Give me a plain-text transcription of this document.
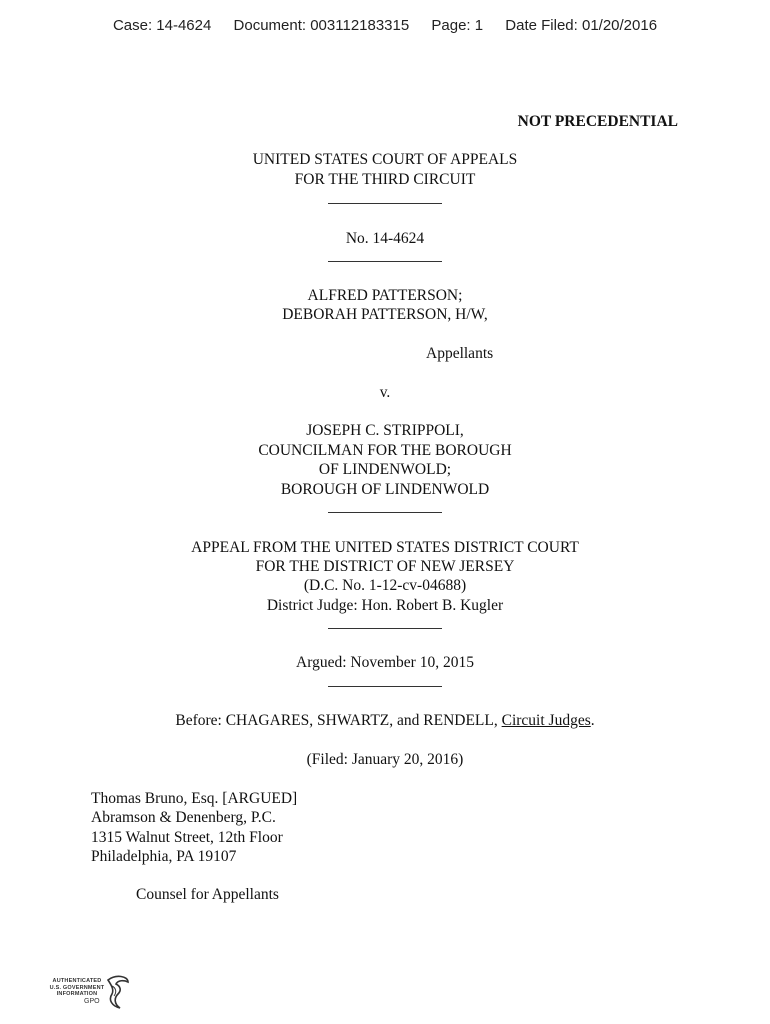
Case: 14-4624 Document: 003112183315 Page: 1 Date Filed: 01/20/2016
NOT PRECEDENTIAL
UNITED STATES COURT OF APPEALS
FOR THE THIRD CIRCUIT
No. 14-4624
ALFRED PATTERSON;
DEBORAH PATTERSON, H/W,
Appellants
v.
JOSEPH C. STRIPPOLI,
COUNCILMAN FOR THE BOROUGH
OF LINDENWOLD;
BOROUGH OF LINDENWOLD
APPEAL FROM THE UNITED STATES DISTRICT COURT
FOR THE DISTRICT OF NEW JERSEY
(D.C. No. 1-12-cv-04688)
District Judge: Hon. Robert B. Kugler
Argued: November 10, 2015
Before: CHAGARES, SHWARTZ, and RENDELL, Circuit Judges.
(Filed: January 20, 2016)
Thomas Bruno, Esq. [ARGUED]
Abramson & Denenberg, P.C.
1315 Walnut Street, 12th Floor
Philadelphia, PA 19107
Counsel for Appellants
AUTHENTICATED
U.S. GOVERNMENT
INFORMATION
GPO
